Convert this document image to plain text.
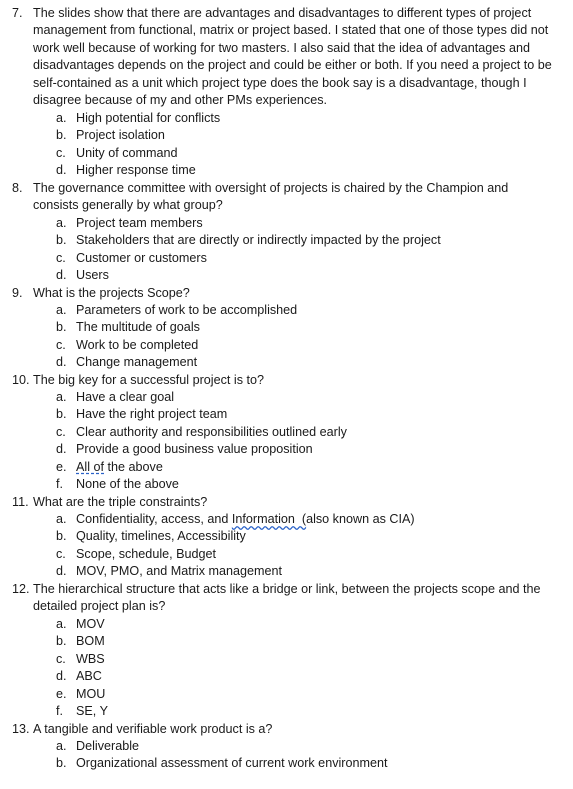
7. The slides show that there are advantages and disadvantages to different types of project management from functional, matrix or project based. I stated that one of those types did not work well because of working for two masters. I also said that the idea of advantages and disadvantages depends on the project and could be either or both. If you need a project to be self-contained as a unit which project type does the book say is a disadvantage, though I disagree because of my and other PMs experiences.
a. High potential for conflicts
b. Project isolation
c. Unity of command
d. Higher response time
8. The governance committee with oversight of projects is chaired by the Champion and consists generally by what group?
a. Project team members
b. Stakeholders that are directly or indirectly impacted by the project
c. Customer or customers
d. Users
9. What is the projects Scope?
a. Parameters of work to be accomplished
b. The multitude of goals
c. Work to be completed
d. Change management
10. The big key for a successful project is to?
a. Have a clear goal
b. Have the right project team
c. Clear authority and responsibilities outlined early
d. Provide a good business value proposition
e. All of the above
f. None of the above
11. What are the triple constraints?
a. Confidentiality, access, and Information  (also known as CIA)
b. Quality, timelines, Accessibility
c. Scope, schedule, Budget
d. MOV, PMO, and Matrix management
12. The hierarchical structure that acts like a bridge or link, between the projects scope and the detailed project plan is?
a. MOV
b. BOM
c. WBS
d. ABC
e. MOU
f. SE, Y
13. A tangible and verifiable work product is a?
a. Deliverable
b. Organizational assessment of current work environment
